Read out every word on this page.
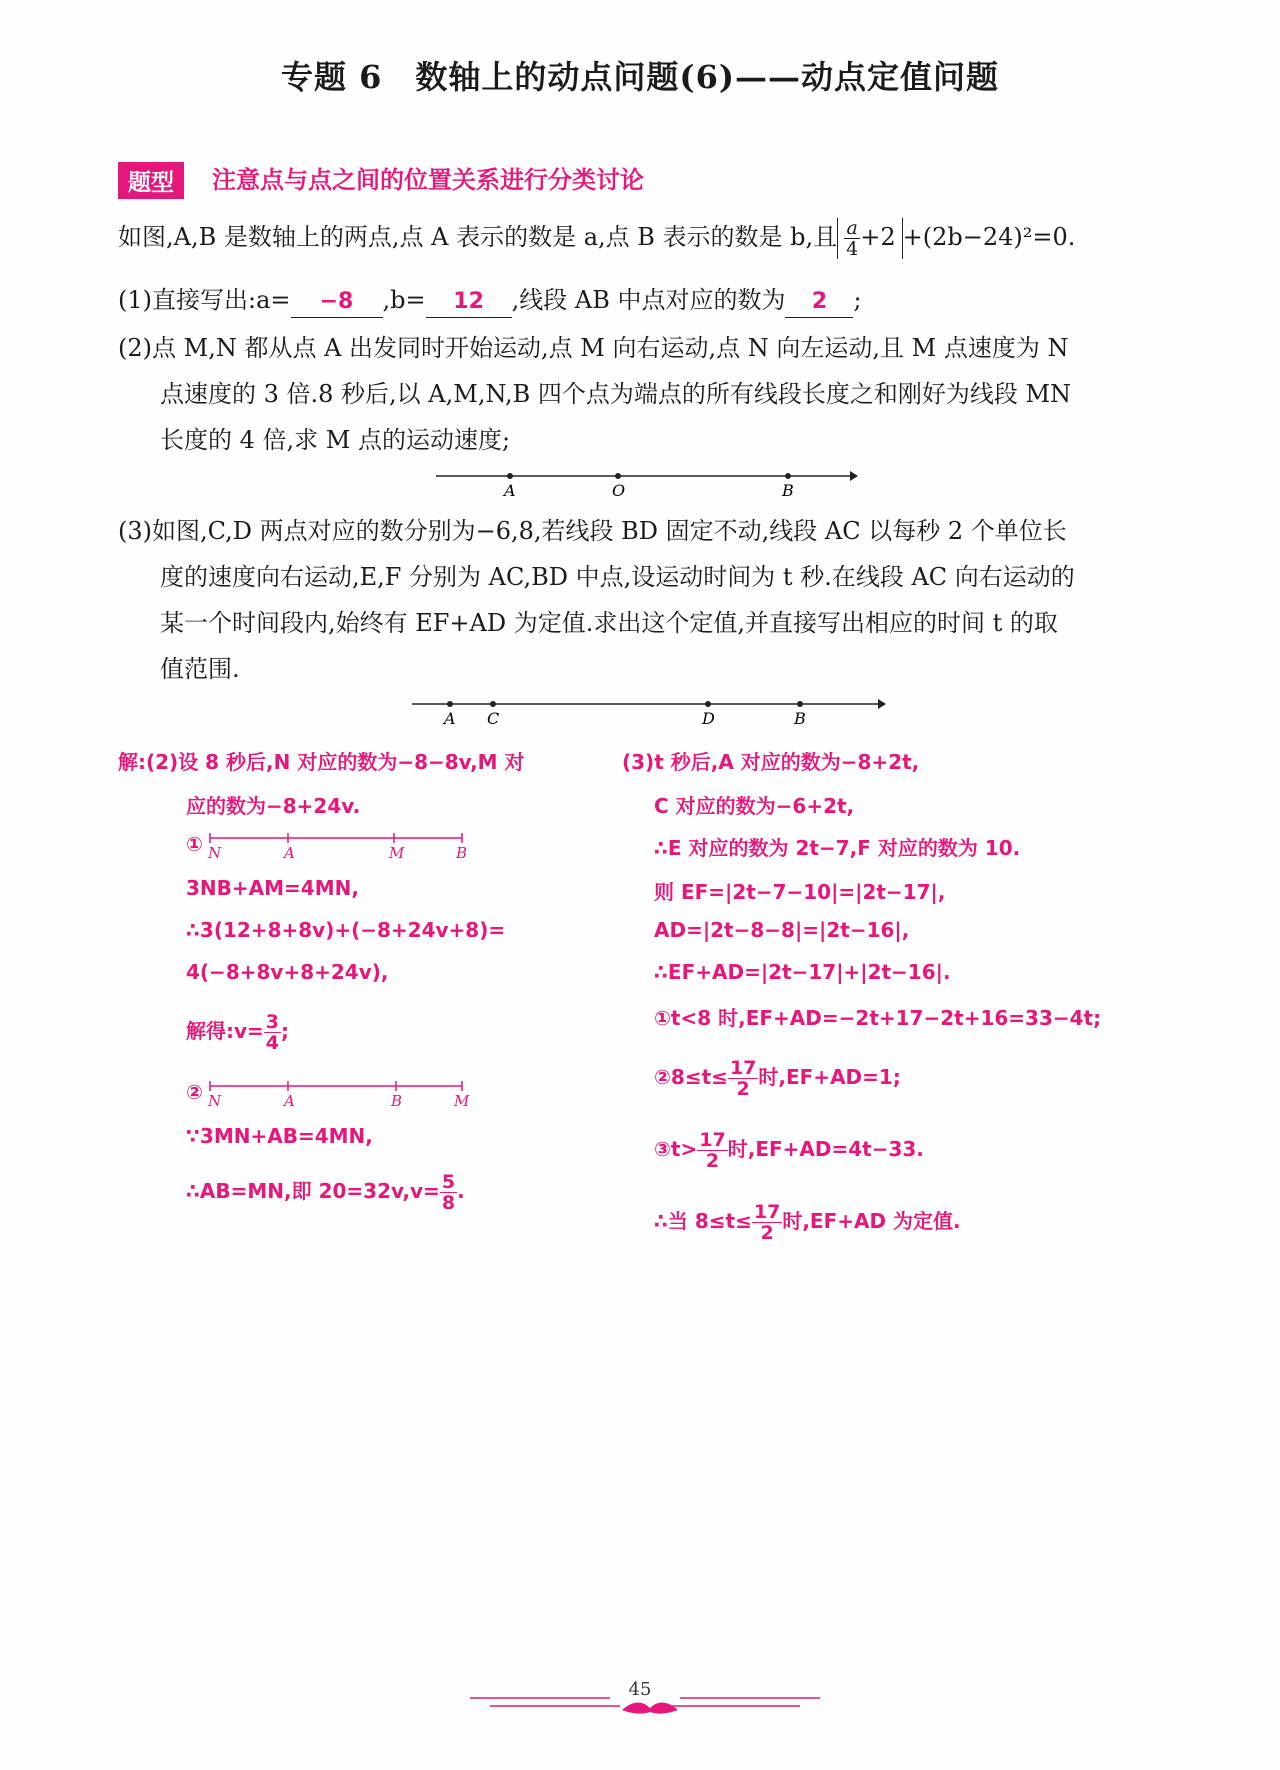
专题 6　数轴上的动点问题(6)——动点定值问题
题型	注意点与点之间的位置关系进行分类讨论
如图,A,B 是数轴上的两点,点 A 表示的数是 a,点 B 表示的数是 b,且 $\frac{a}{4} +2 +(2b-24)^2=0$.
(1)直接写出:a= −8 ,b= 12 ,线段 AB 中点对应的数为 2 ;
(2)点 M,N 都从点 A 出发同时开始运动,点 M 向右运动,点 N 向左运动,且 M 点速度为 N
点速度的 3 倍.8 秒后,以 A,M,N,B 四个点为端点的所有线段长度之和刚好为线段 MN
长度的 4 倍,求 M 点的运动速度;
A	O	B
(3)如图,C,D 两点对应的数分别为−6,8,若线段 BD 固定不动,线段 AC 以每秒 2 个单位长
度的速度向右运动,E,F 分别为 AC,BD 中点,设运动时间为 t 秒.在线段 AC 向右运动的
某一个时间段内,始终有 EF+AD 为定值.求出这个定值,并直接写出相应的时间 t 的取
值范围.
A C	D	B
解:(2)设 8 秒后,N 对应的数为−8−8v,M 对
应的数为−8+24v.
① N	A	M	B
3NB+AM=4MN,
∴3(12+8+8v)+(−8+24v+8)=
4(−8+8v+8+24v),
解得:v= $\frac{3}{4}$ ;
② N	A	B	M
∵3MN+AB=4MN,
∴AB=MN,即 $20=32v,v= \frac{5}{8}$ .
(3)t 秒后,A 对应的数为−8+2t,
C 对应的数为−6+2t,
∴E 对应的数为 2t−7,F 对应的数为 10.
则 EF=|2t−7−10|=|2t−17|,
AD=|2t−8−8|=|2t−16|,
∴EF+AD=|2t−17|+|2t−16|.
①t<8 时,EF+AD=−2t+17−2t+16=33−4t;
②8≤t≤ $\frac{17}{2}$ 时,EF+AD=1;
③t> $\frac{17}{2}$ 时,EF+AD=4t−33.
∴当 $8\le t\le \frac{17}{2}$ 时,EF+AD 为定值.
45
